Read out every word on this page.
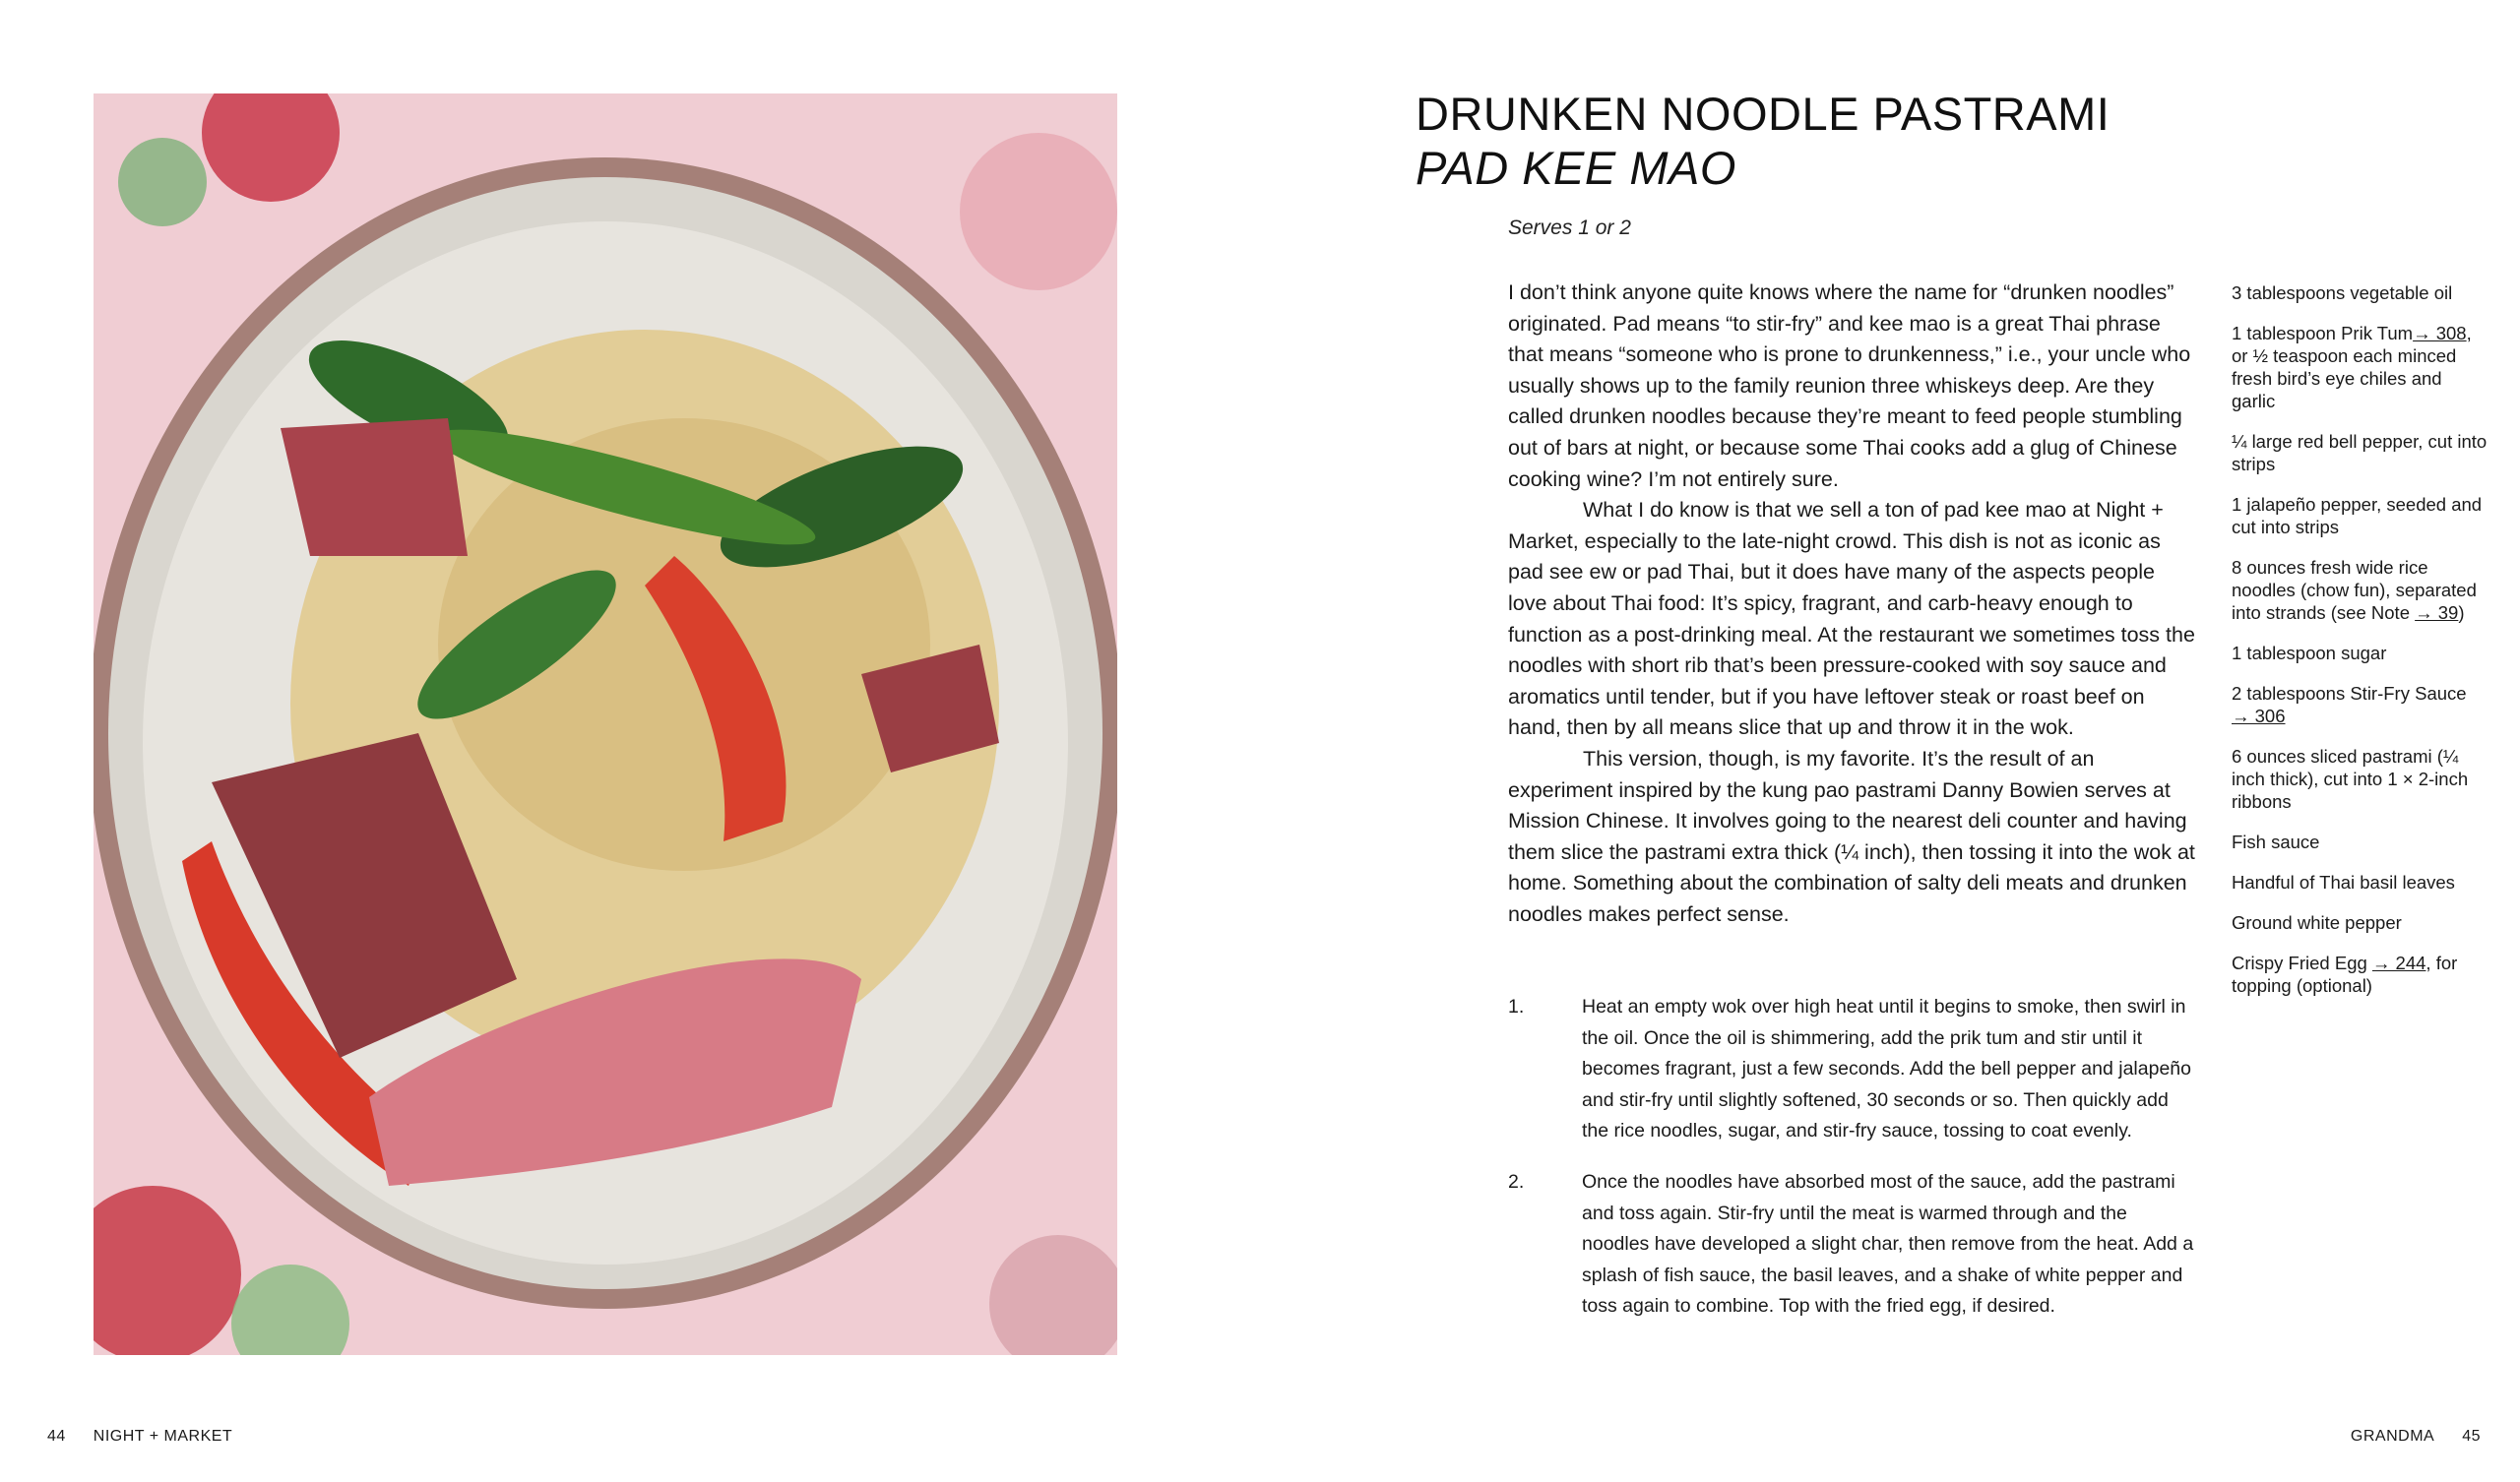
DRUNKEN NOODLE PASTRAMI
PAD KEE MAO
Serves 1 or 2

I don’t think anyone quite knows where the name for “drunken noodles” originated. Pad means “to stir-fry” and kee mao is a great Thai phrase that means “someone who is prone to drunkenness,” i.e., your uncle who usually shows up to the family reunion three whiskeys deep. Are they called drunken noodles because they’re meant to feed people stumbling out of bars at night, or because some Thai cooks add a glug of Chinese cooking wine? I’m not entirely sure.

What I do know is that we sell a ton of pad kee mao at Night + Market, especially to the late-night crowd. This dish is not as iconic as pad see ew or pad Thai, but it does have many of the aspects people love about Thai food: It’s spicy, fragrant, and carb-heavy enough to function as a post-drinking meal. At the restaurant we sometimes toss the noodles with short rib that’s been pressure-cooked with soy sauce and aromatics until tender, but if you have leftover steak or roast beef on hand, then by all means slice that up and throw it in the wok.

This version, though, is my favorite. It’s the result of an experiment inspired by the kung pao pastrami Danny Bowien serves at Mission Chinese. It involves going to the nearest deli counter and having them slice the pastrami extra thick (¼ inch), then tossing it into the wok at home. Something about the combination of salty deli meats and drunken noodles makes perfect sense.

1.	Heat an empty wok over high heat until it begins to smoke, then swirl in the oil. Once the oil is shimmering, add the prik tum and stir until it becomes fragrant, just a few seconds. Add the bell pepper and jalapeño and stir-fry until slightly softened, 30 seconds or so. Then quickly add the rice noodles, sugar, and stir-fry sauce, tossing to coat evenly.
2.	Once the noodles have absorbed most of the sauce, add the pastrami and toss again. Stir-fry until the meat is warmed through and the noodles have developed a slight char, then remove from the heat. Add a splash of fish sauce, the basil leaves, and a shake of white pepper and toss again to combine. Top with the fried egg, if desired.
3 tablespoons vegetable oil
1 tablespoon Prik Tum→ 308, or ½ teaspoon each minced fresh bird’s eye chiles and garlic
¼ large red bell pepper, cut into strips
1 jalapeño pepper, seeded and cut into strips
8 ounces fresh wide rice noodles (chow fun), separated into strands (see Note → 39)
1 tablespoon sugar
2 tablespoons Stir-Fry Sauce → 306
6 ounces sliced pastrami (¼ inch thick), cut into 1 × 2-inch ribbons
Fish sauce
Handful of Thai basil leaves
Ground white pepper
Crispy Fried Egg → 244, for topping (optional)
44 NIGHT + MARKET	GRANDMA 45
